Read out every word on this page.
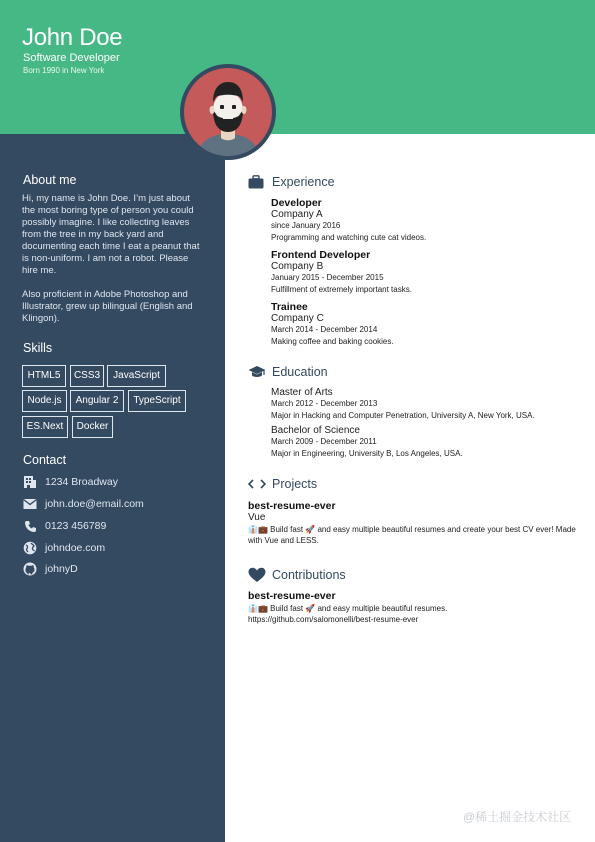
John Doe
Software Developer
Born 1990 in New York
About me

Hi, my name is John Doe. I’m just about the most boring type of person you could possibly imagine. I like collecting leaves from the tree in my back yard and documenting each time I eat a peanut that is non-uniform. I am not a robot. Please hire me.

Also proficient in Adobe Photoshop and Illustrator, grew up bilingual (English and Klingon).

Skills
HTML5	CSS3	JavaScript
Node.js	Angular 2	TypeScript
ES.Next	Docker
Contact
1234 Broadway
john.doe@email.com
0123 456789
johndoe.com
johnyD
Experience
Developer
Company A
since January 2016
Programming and watching cute cat videos.
Frontend Developer
Company B
January 2015 - December 2015
Fulfillment of extremely important tasks.
Trainee
Company C
March 2014 - December 2014
Making coffee and baking cookies.
Education
Master of Arts
March 2012 - December 2013
Major in Hacking and Computer Penetration, University A, New York, USA.
Bachelor of Science
March 2009 - December 2011
Major in Engineering, University B, Los Angeles, USA.
Projects
best-resume-ever
Vue
👔💼 Build fast 🚀 and easy multiple beautiful resumes and create your best CV ever! Made with Vue and LESS.
Contributions
best-resume-ever
👔💼 Build fast 🚀 and easy multiple beautiful resumes.
https://github.com/salomonelli/best-resume-ever
@稀土掘金技术社区
